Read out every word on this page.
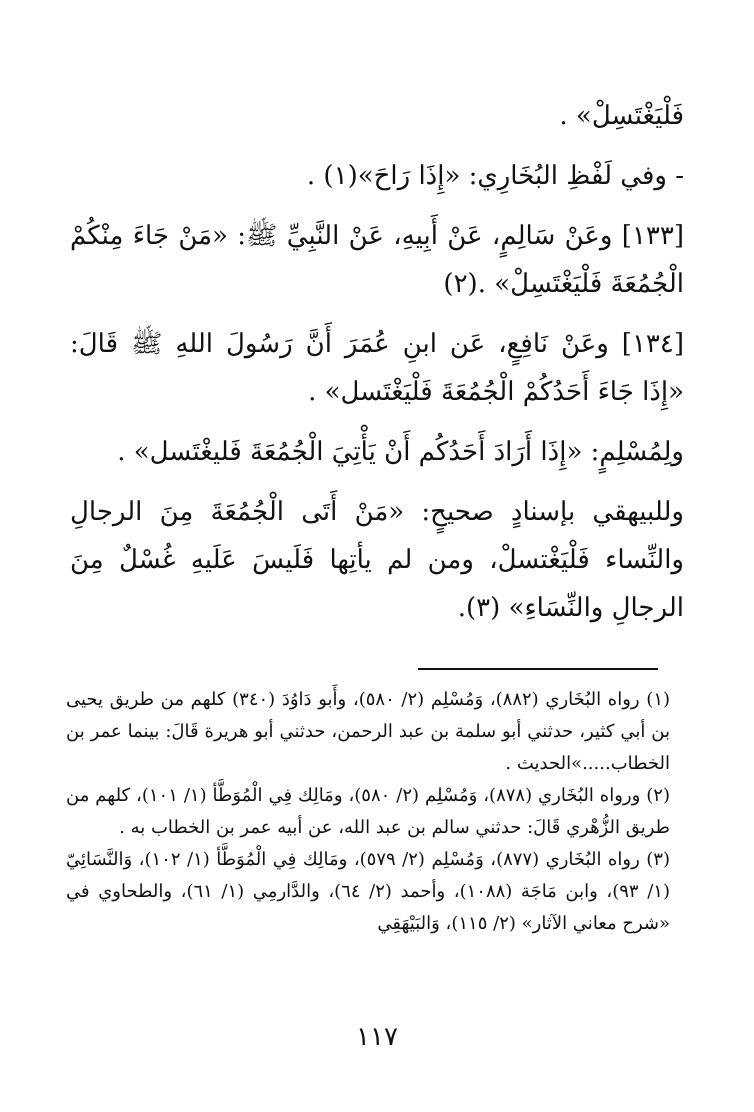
فَلْيَغْتَسِلْ» .

- وفي لَفْظِ البُخَارِي: «إِذَا رَاحَ»(١) .

[١٣٣] وعَنْ سَالِمٍ، عَنْ أَبِيهِ، عَنْ النَّبِيِّ ﷺ: «مَنْ جَاءَ مِنْكُمْ الْجُمُعَةَ فَلْيَغْتَسِلْ» .(٢)

[١٣٤] وعَنْ نَافِعٍ، عَن ابنِ عُمَرَ أَنَّ رَسُولَ اللهِ ﷺ قَالَ: «إِذَا جَاءَ أَحَدُكُمْ الْجُمُعَةَ فَلْيَغْتَسل» .

ولِمُسْلِمٍ: «إِذَا أَرَادَ أَحَدُكُم أَنْ يَأْتِيَ الْجُمُعَةَ فَليغْتَسل» .

وللبيهقي بإسنادٍ صحيحٍ: «مَنْ أَتَى الْجُمُعَةَ مِنَ الرجالِ والنِّساء فَلْيَغْتسلْ، ومن لم يأتِها فَلَيسَ عَلَيهِ غُسْلٌ مِنَ الرجالِ والنِّسَاءِ» (٣).

(١) رواه البُخَاري (٨٨٢)، وَمُسْلِم (٢/ ٥٨٠)، وأَبو دَاوُدَ (٣٤٠) كلهم من طريق يحيى بن أبي كثير، حدثني أبو سلمة بن عبد الرحمن، حدثني أبو هريرة قَالَ: بينما عمر بن الخطاب.....»الحديث .

(٢) ورواه البُخَاري (٨٧٨)، وَمُسْلِم (٢/ ٥٨٠)، ومَالِك فِي الْمُوَطَّأ (١/ ١٠١)، كلهم من طريق الزُّهْري قَالَ: حدثني سالم بن عبد الله، عن أبيه عمر بن الخطاب به .

(٣) رواه البُخَاري (٨٧٧)، وَمُسْلِم (٢/ ٥٧٩)، ومَالِك فِي الْمُوَطَّأ (١/ ١٠٢)، وَالنَّسَائِيّ (١/ ٩٣)، وابن مَاجَة (١٠٨٨)، وأحمد (٢/ ٦٤)، والدَّارمِي (١/ ٦١)، والطحاوي في «شرح معاني الآثار» (٢/ ١١٥)، وَالبَيْهَقِي

١١٧
